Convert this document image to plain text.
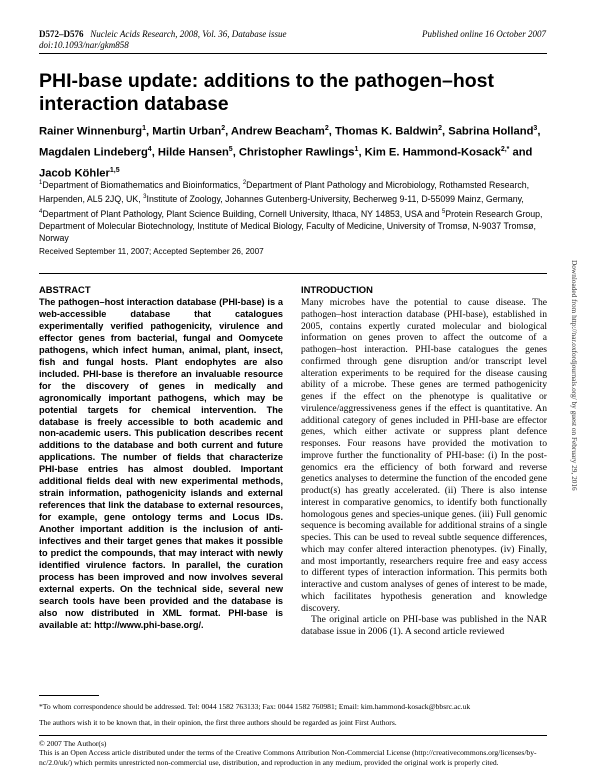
D572–D576 Nucleic Acids Research, 2008, Vol. 36, Database issue
doi:10.1093/nar/gkm858
Published online 16 October 2007
PHI-base update: additions to the pathogen–host interaction database
Rainer Winnenburg$^1$, Martin Urban$^2$, Andrew Beacham$^2$, Thomas K. Baldwin$^2$, Sabrina Holland$^3$, Magdalen Lindeberg$^4$, Hilde Hansen$^5$, Christopher Rawlings$^1$, Kim E. Hammond-Kosack$^{2,*}$ and Jacob Köhler$^{1,5}$
$^1$Department of Biomathematics and Bioinformatics, $^2$Department of Plant Pathology and Microbiology, Rothamsted Research, Harpenden, AL5 2JQ, UK, $^3$Institute of Zoology, Johannes Gutenberg-University, Becherweg 9-11, D-55099 Mainz, Germany, $^4$Department of Plant Pathology, Plant Science Building, Cornell University, Ithaca, NY 14853, USA and $^5$Protein Research Group, Department of Molecular Biotechnology, Institute of Medical Biology, Faculty of Medicine, University of Tromsø, N-9037 Tromsø, Norway
Received September 11, 2007; Accepted September 26, 2007
ABSTRACT
The pathogen–host interaction database (PHI-base) is a web-accessible database that catalogues experimentally verified pathogenicity, virulence and effector genes from bacterial, fungal and Oomycete pathogens, which infect human, animal, plant, insect, fish and fungal hosts. Plant endophytes are also included. PHI-base is therefore an invaluable resource for the discovery of genes in medically and agronomically important pathogens, which may be potential targets for chemical intervention. The database is freely accessible to both academic and non-academic users. This publication describes recent additions to the database and both current and future applications. The number of fields that characterize PHI-base entries has almost doubled. Important additional fields deal with new experimental methods, strain information, pathogenicity islands and external references that link the database to external resources, for example, gene ontology terms and Locus IDs. Another important addition is the inclusion of anti-infectives and their target genes that makes it possible to predict the compounds, that may interact with newly identified virulence factors. In parallel, the curation process has been improved and now involves several external experts. On the technical side, several new search tools have been provided and the database is also now distributed in XML format. PHI-base is available at: http://www.phi-base.org/.
INTRODUCTION

Many microbes have the potential to cause disease. The pathogen–host interaction database (PHI-base), established in 2005, contains expertly curated molecular and biological information on genes proven to affect the outcome of a pathogen–host interaction. PHI-base catalogues the genes confirmed through gene disruption and/or transcript level alteration experiments to be required for the disease causing ability of a microbe. These genes are termed pathogenicity genes if the effect on the phenotype is qualitative or virulence/aggressiveness genes if the effect is quantitative. An additional category of genes included in PHI-base are effector genes, which either activate or suppress plant defence responses. Four reasons have provided the motivation to improve further the functionality of PHI-base: (i) In the post-genomics era the efficiency of both forward and reverse genetics analyses to determine the function of the encoded gene product(s) has greatly accelerated. (ii) There is also intense interest in comparative genomics, to identify both functionally homologous genes and species-unique genes. (iii) Full genomic sequence is becoming available for additional strains of a single species. This can be used to reveal subtle sequence differences, which may confer altered interaction phenotypes. (iv) Finally, and most importantly, researchers require free and easy access to different types of interaction information. This permits both interactive and custom analyses of genes of interest to be made, which facilitates hypothesis generation and knowledge discovery.

The original article on PHI-base was published in the NAR database issue in 2006 (1). A second article reviewed

Downloaded from http://nar.oxfordjournals.org/ by guest on February 29, 2016
*To whom correspondence should be addressed. Tel: 0044 1582 763133; Fax: 0044 1582 760981; Email: kim.hammond-kosack@bbsrc.ac.uk
The authors wish it to be known that, in their opinion, the first three authors should be regarded as joint First Authors.
© 2007 The Author(s)
This is an Open Access article distributed under the terms of the Creative Commons Attribution Non-Commercial License (http://creativecommons.org/licenses/by-nc/2.0/uk/) which permits unrestricted non-commercial use, distribution, and reproduction in any medium, provided the original work is properly cited.
